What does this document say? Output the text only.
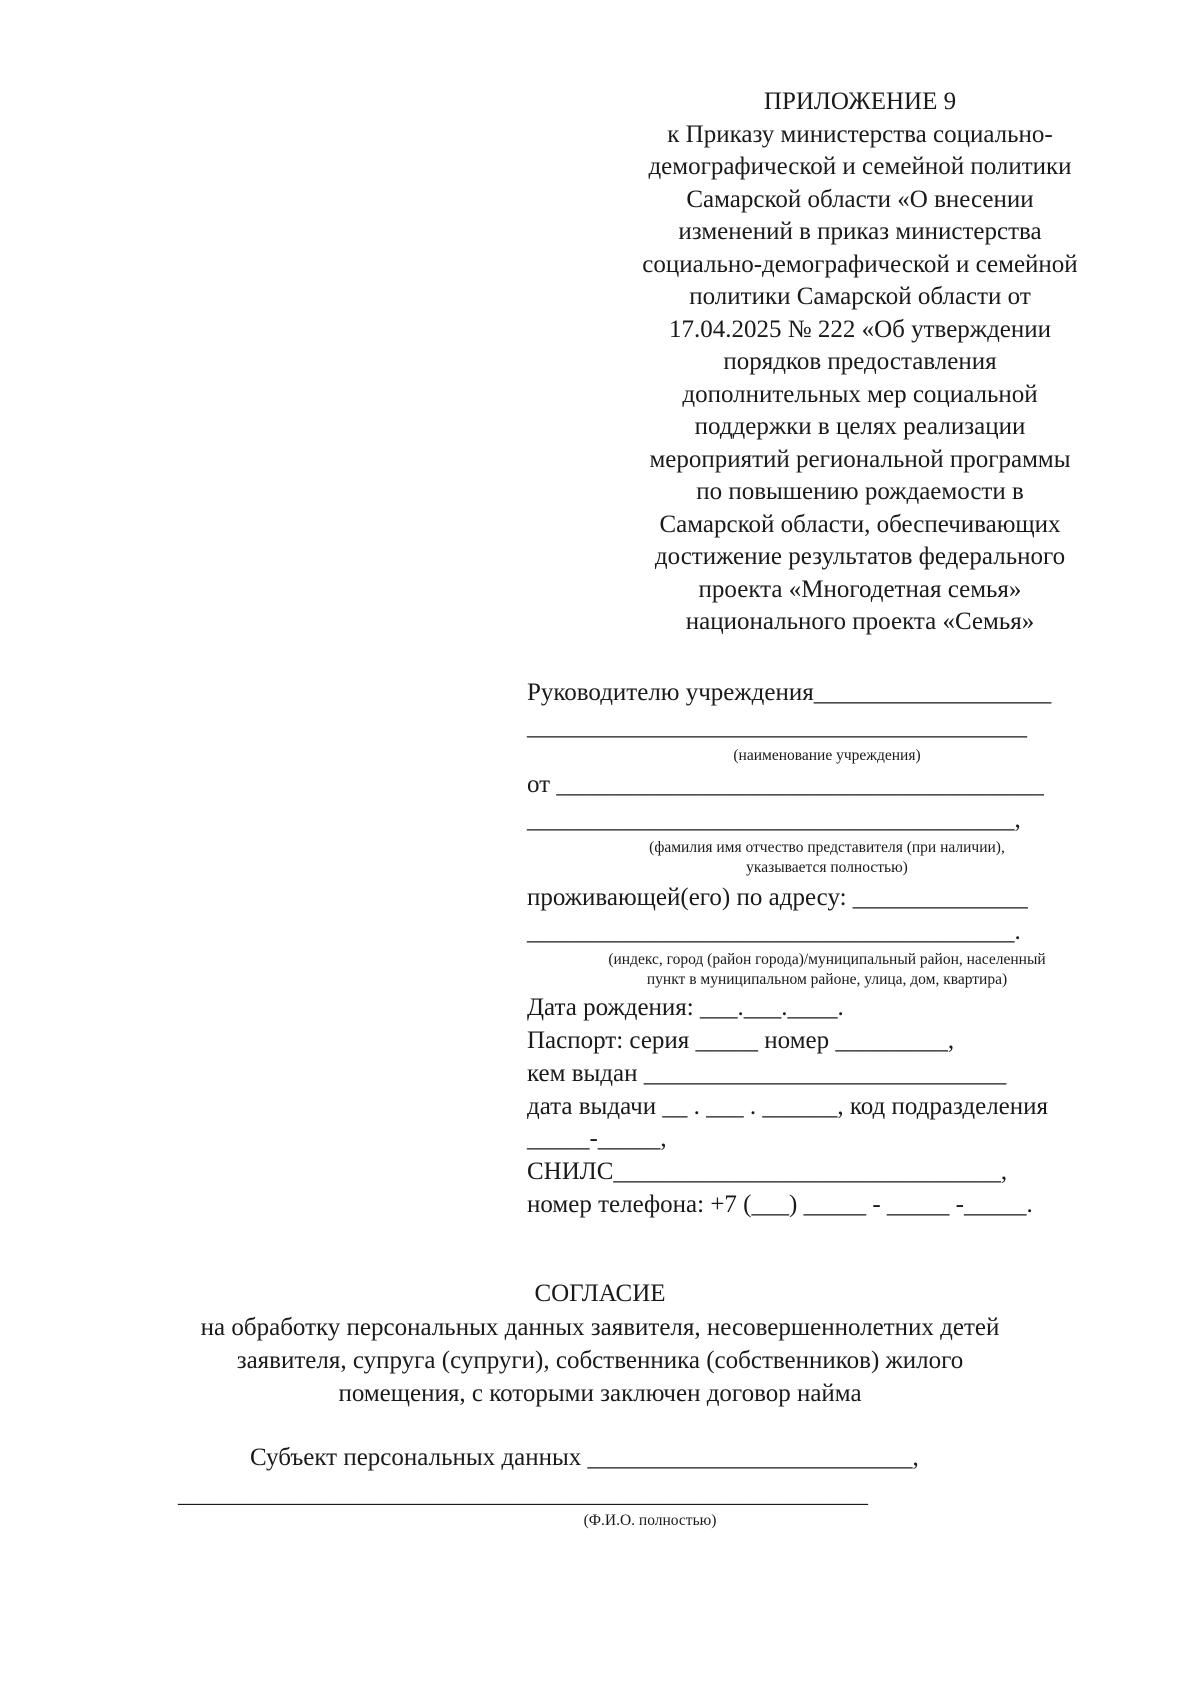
ПРИЛОЖЕНИЕ 9
к Приказу министерства социально-
демографической и семейной политики
Самарской области «О внесении
изменений в приказ министерства
социально-демографической и семейной
политики Самарской области от
17.04.2025 № 222 «Об утверждении
порядков предоставления
дополнительных мер социальной
поддержки в целях реализации
мероприятий региональной программы
по повышению рождаемости в
Самарской области, обеспечивающих
достижение результатов федерального
проекта «Многодетная семья»
национального проекта «Семья»
Руководителю учреждения___________________
________________________________________
(наименование учреждения)
от _______________________________________
_______________________________________,
(фамилия имя отчество представителя (при наличии),
указывается полностью)
проживающей(его) по адресу: ______________
_______________________________________.
(индекс, город (район города)/муниципальный район, населенный
пункт в муниципальном районе, улица, дом, квартира)
Дата рождения: ___.___.____.
Паспорт: серия _____ номер _________,
кем выдан _____________________________
дата выдачи __ . ___ . ______, код подразделения
_____-_____,
СНИЛС_______________________________,
номер телефона: +7 (___) _____ - _____ -_____.
СОГЛАСИЕ
на обработку персональных данных заявителя, несовершеннолетних детей
заявителя, супруга (супруги), собственника (собственников) жилого
помещения, с которыми заключен договор найма
Субъект персональных данных __________________________,
____________________________________________________________
(Ф.И.О. полностью)
